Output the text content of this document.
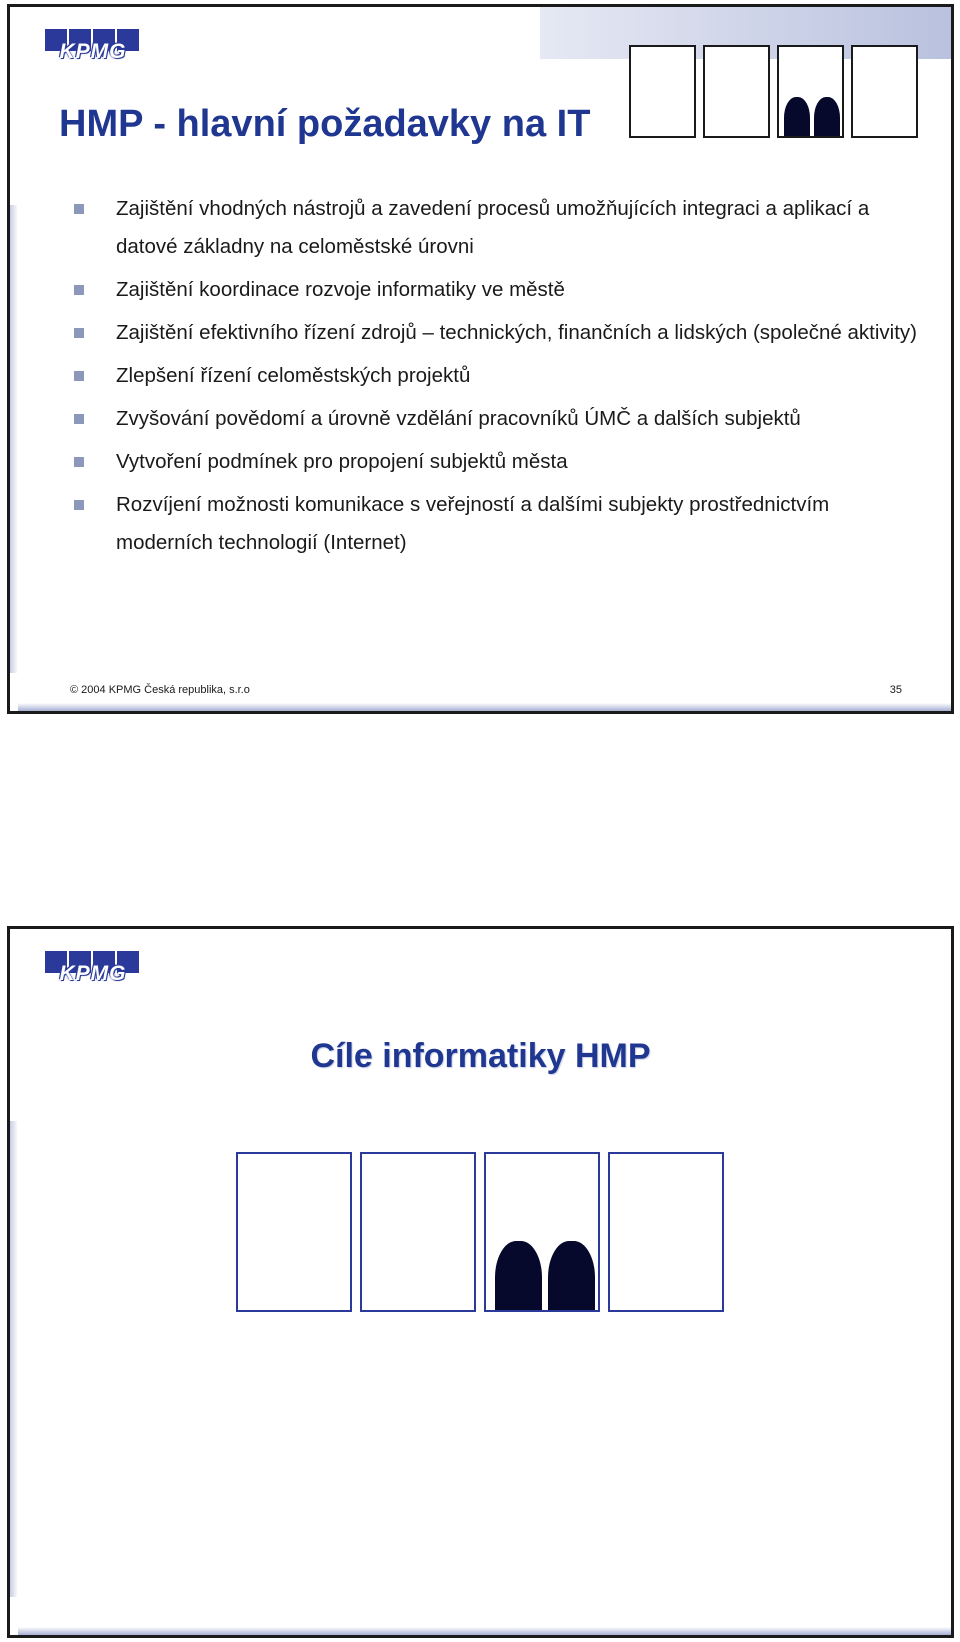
KPMG
HMP - hlavní požadavky na IT
Zajištění vhodných nástrojů a zavedení procesů umožňujících integraci a aplikací a datové základny na celoměstské úrovni
Zajištění koordinace rozvoje informatiky ve městě
Zajištění efektivního řízení zdrojů – technických, finančních a lidských (společné aktivity)
Zlepšení řízení celoměstských projektů
Zvyšování povědomí a úrovně vzdělání pracovníků ÚMČ a dalších subjektů
Vytvoření podmínek pro propojení subjektů města
Rozvíjení možnosti komunikace s veřejností a dalšími subjekty prostřednictvím moderních technologií (Internet)
© 2004 KPMG Česká republika, s.r.o	35
KPMG
Cíle informatiky HMP
